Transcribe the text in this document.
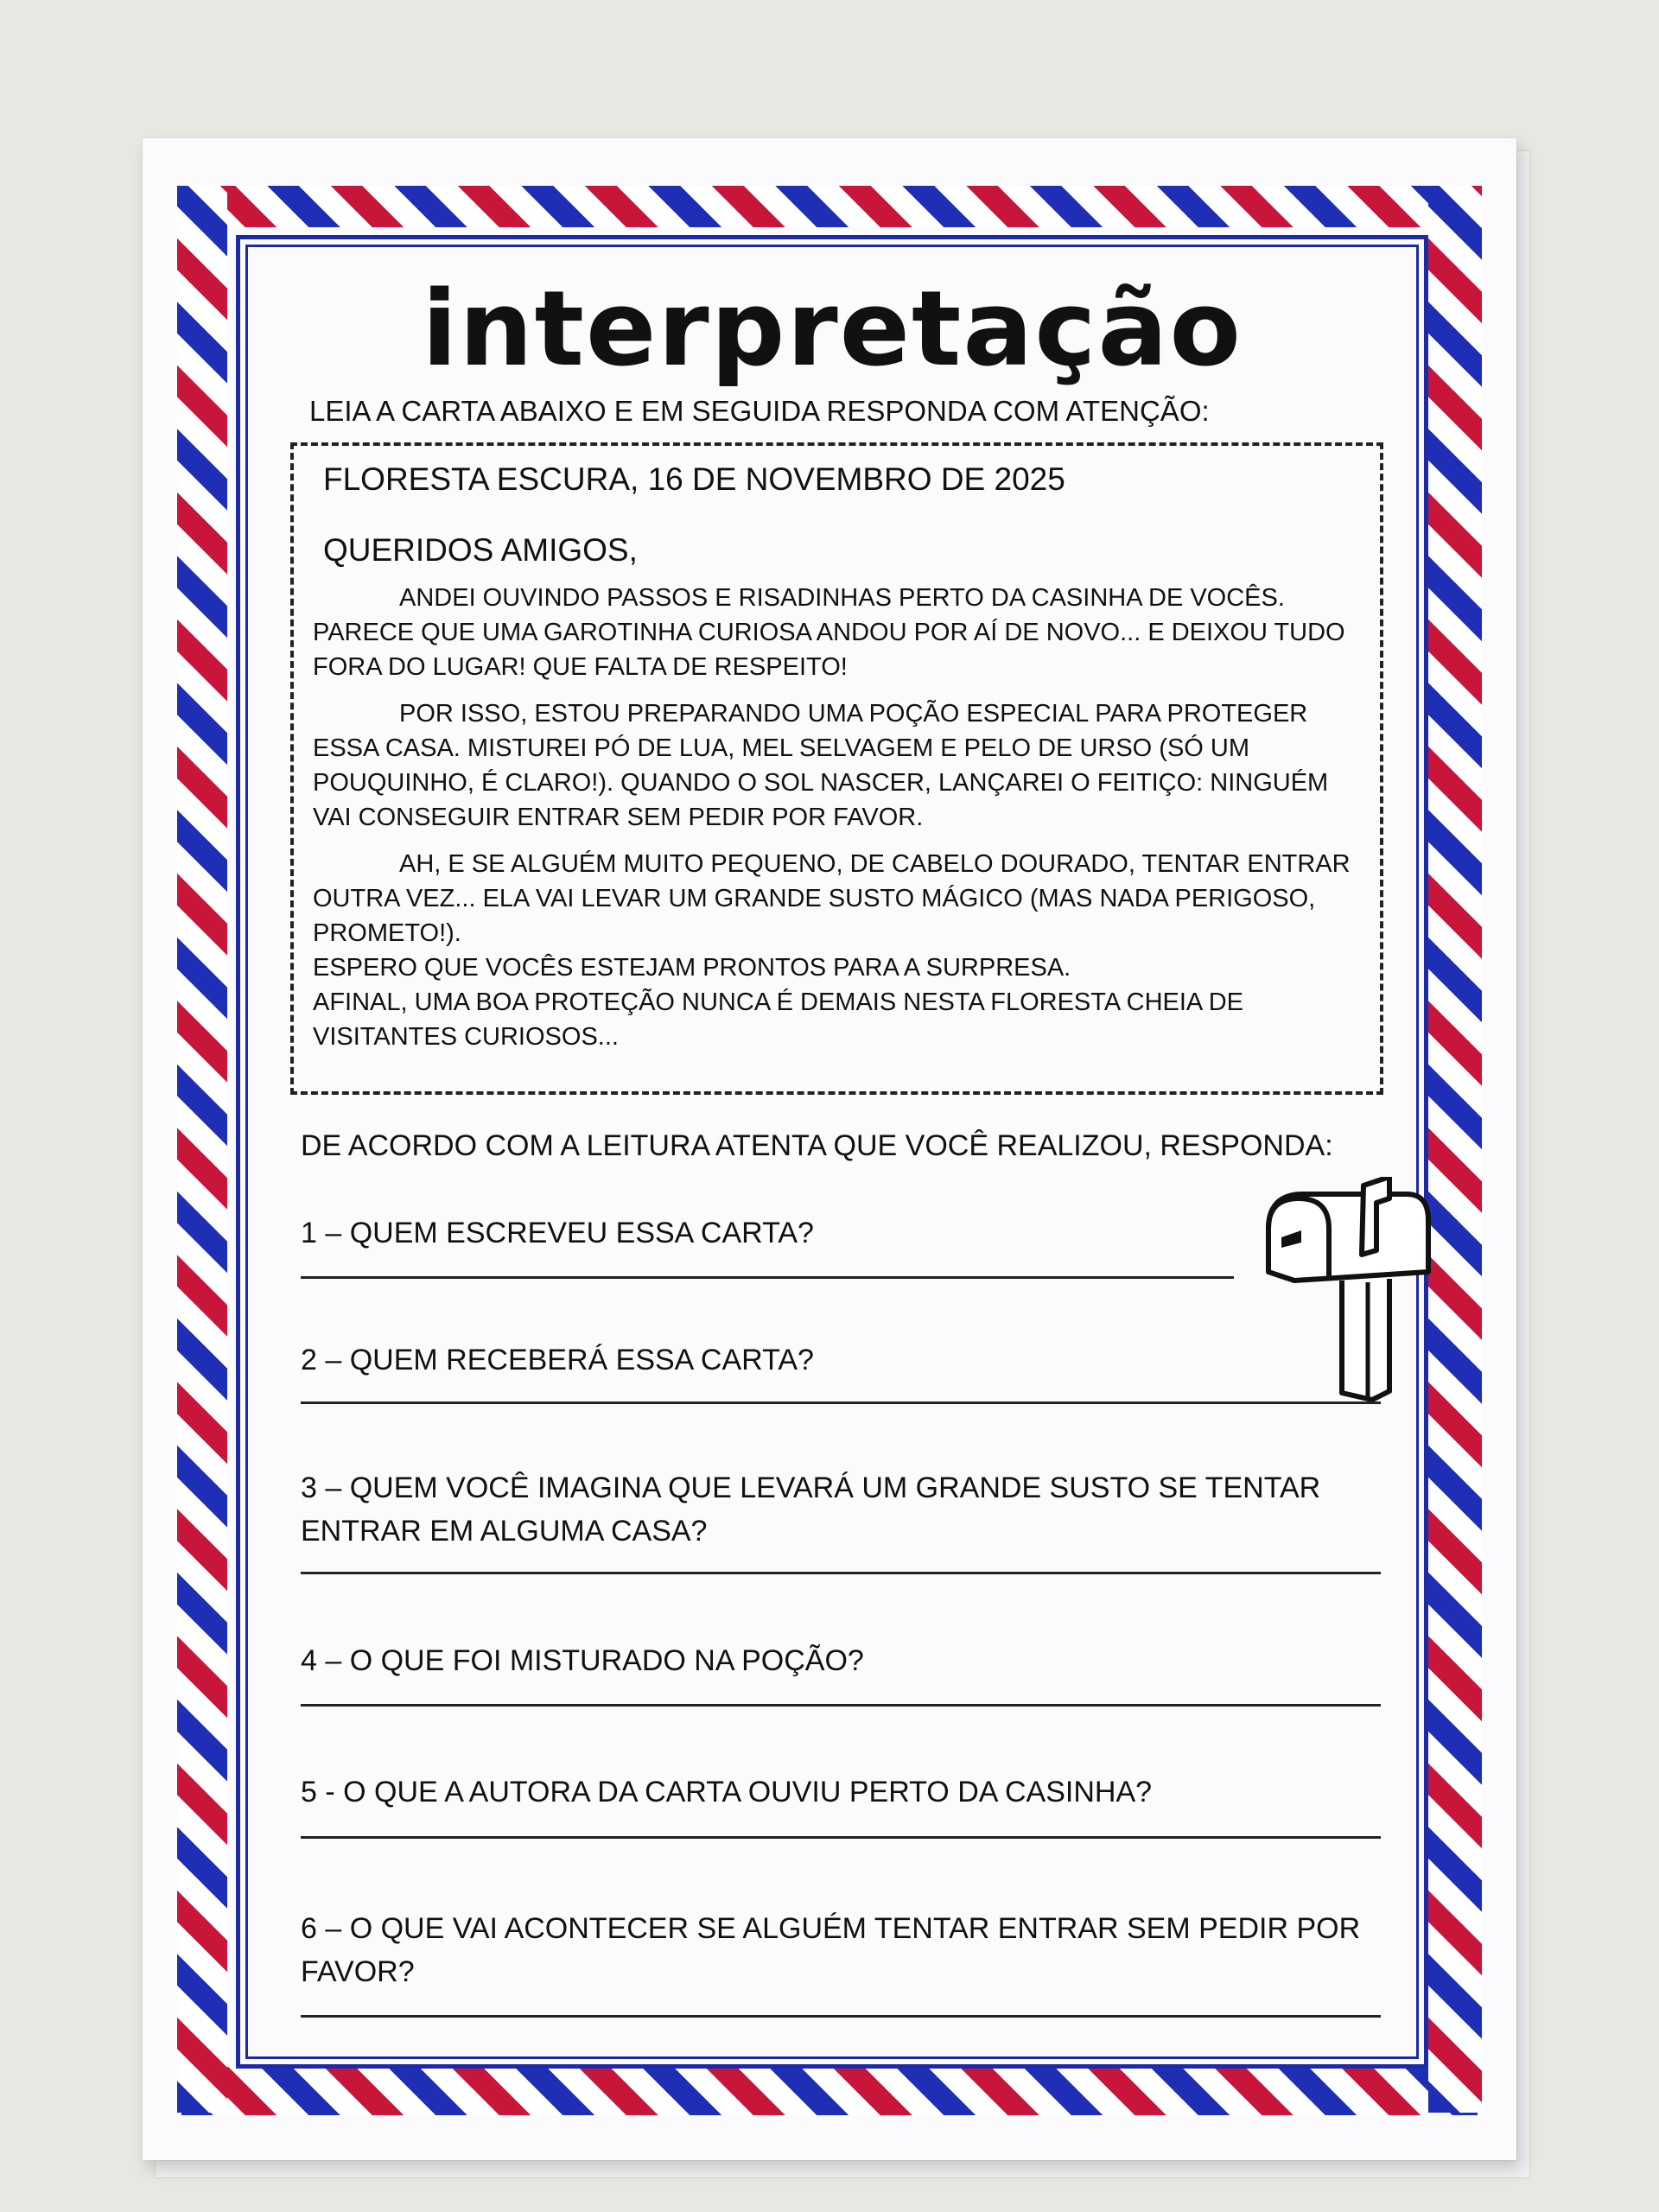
interpretação
LEIA A CARTA ABAIXO E EM SEGUIDA RESPONDA COM ATENÇÃO:
FLORESTA ESCURA, 16 DE NOVEMBRO DE 2025
QUERIDOS AMIGOS,

ANDEI OUVINDO PASSOS E RISADINHAS PERTO DA CASINHA DE VOCÊS. PARECE QUE UMA GAROTINHA CURIOSA ANDOU POR AÍ DE NOVO... E DEIXOU TUDO FORA DO LUGAR! QUE FALTA DE RESPEITO!

POR ISSO, ESTOU PREPARANDO UMA POÇÃO ESPECIAL PARA PROTEGER ESSA CASA. MISTUREI PÓ DE LUA, MEL SELVAGEM E PELO DE URSO (SÓ UM POUQUINHO, É CLARO!). QUANDO O SOL NASCER, LANÇAREI O FEITIÇO: NINGUÉM VAI CONSEGUIR ENTRAR SEM PEDIR POR FAVOR.

AH, E SE ALGUÉM MUITO PEQUENO, DE CABELO DOURADO, TENTAR ENTRAR OUTRA VEZ... ELA VAI LEVAR UM GRANDE SUSTO MÁGICO (MAS NADA PERIGOSO, PROMETO!).

ESPERO QUE VOCÊS ESTEJAM PRONTOS PARA A SURPRESA.

AFINAL, UMA BOA PROTEÇÃO NUNCA É DEMAIS NESTA FLORESTA CHEIA DE VISITANTES CURIOSOS...

DE ACORDO COM A LEITURA ATENTA QUE VOCÊ REALIZOU, RESPONDA:
1 – QUEM ESCREVEU ESSA CARTA?
2 – QUEM RECEBERÁ ESSA CARTA?
3 – QUEM VOCÊ IMAGINA QUE LEVARÁ UM GRANDE SUSTO SE TENTAR ENTRAR EM ALGUMA CASA?
4 – O QUE FOI MISTURADO NA POÇÃO?
5 - O QUE A AUTORA DA CARTA OUVIU PERTO DA CASINHA?
6 – O QUE VAI ACONTECER SE ALGUÉM TENTAR ENTRAR SEM PEDIR POR FAVOR?
